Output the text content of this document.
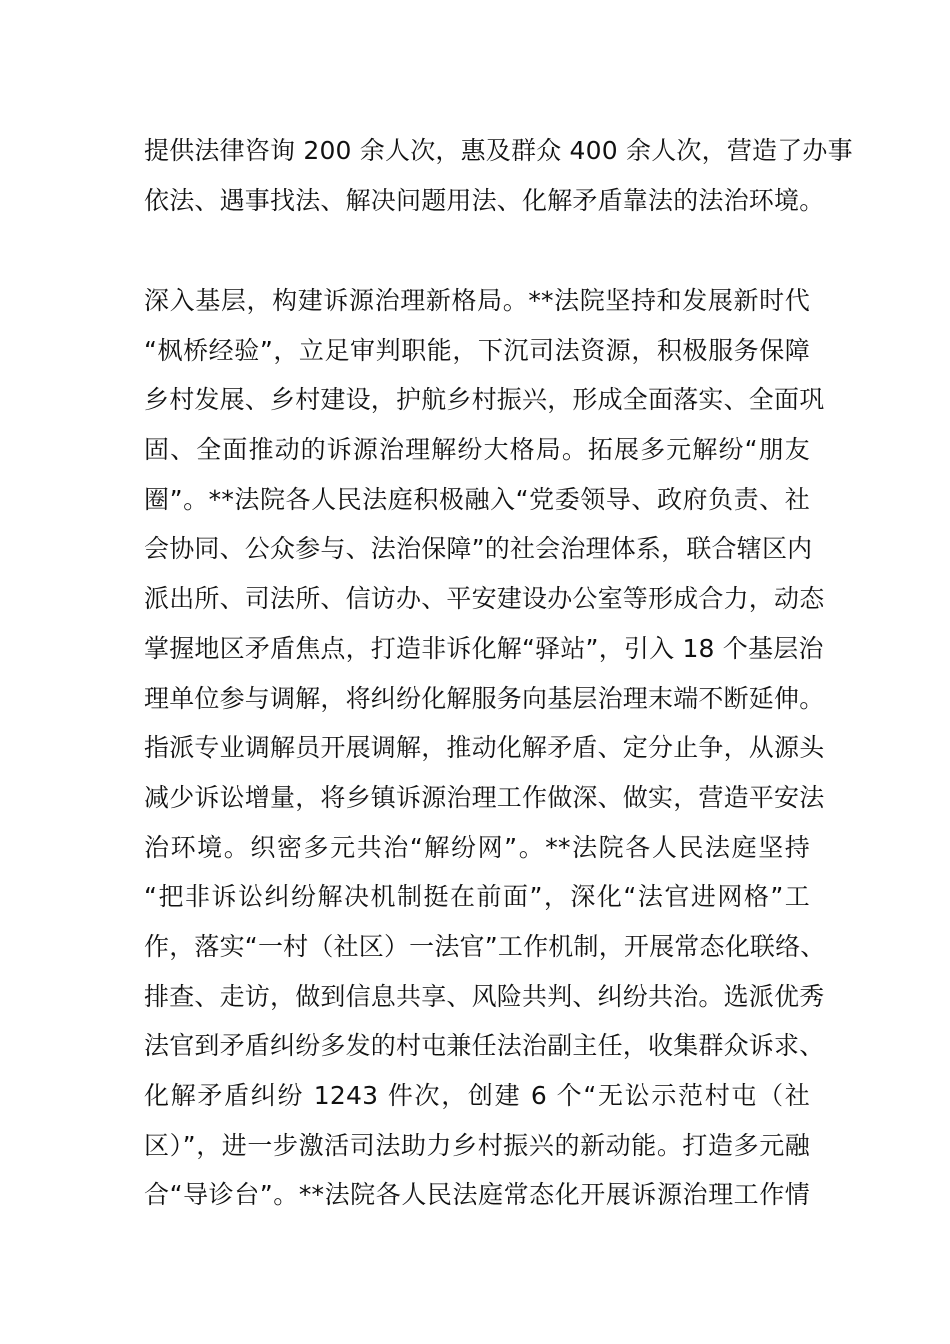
提供法律咨询 200 余人次，惠及群众 400 余人次，营造了办事
依法、遇事找法、解决问题用法、化解矛盾靠法的法治环境。
深入基层，构建诉源治理新格局。**法院坚持和发展新时代
“枫桥经验”，立足审判职能，下沉司法资源，积极服务保障
乡村发展、乡村建设，护航乡村振兴，形成全面落实、全面巩
固、全面推动的诉源治理解纷大格局。拓展多元解纷“朋友
圈”。**法院各人民法庭积极融入“党委领导、政府负责、社
会协同、公众参与、法治保障”的社会治理体系，联合辖区内
派出所、司法所、信访办、平安建设办公室等形成合力，动态
掌握地区矛盾焦点，打造非诉化解“驿站”，引入 18 个基层治
理单位参与调解，将纠纷化解服务向基层治理末端不断延伸。
指派专业调解员开展调解，推动化解矛盾、定分止争，从源头
减少诉讼增量，将乡镇诉源治理工作做深、做实，营造平安法
治环境。织密多元共治“解纷网”。**法院各人民法庭坚持
“把非诉讼纠纷解决机制挺在前面”，深化“法官进网格”工
作，落实“一村（社区）一法官”工作机制，开展常态化联络、
排查、走访，做到信息共享、风险共判、纠纷共治。选派优秀
法官到矛盾纠纷多发的村屯兼任法治副主任，收集群众诉求、
化解矛盾纠纷 1243 件次，创建 6 个“无讼示范村屯（社
区）”，进一步激活司法助力乡村振兴的新动能。打造多元融
合“导诊台”。**法院各人民法庭常态化开展诉源治理工作情
